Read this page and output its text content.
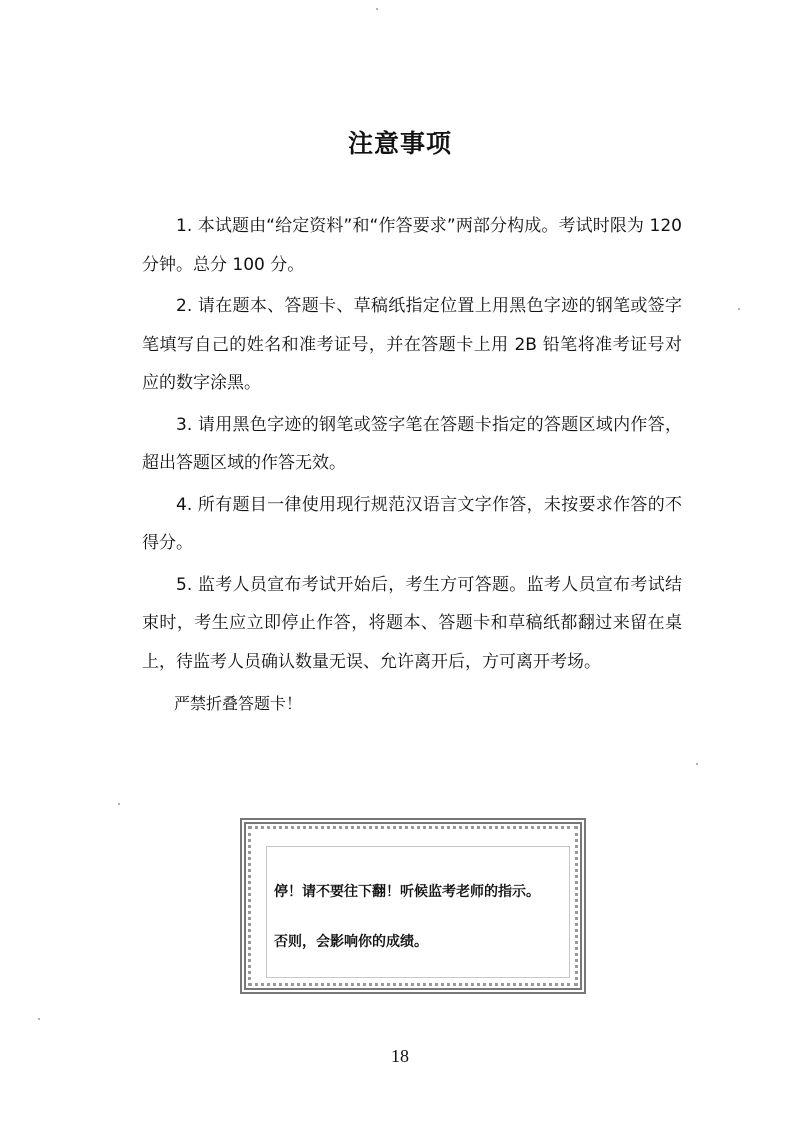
注意事项

1. 本试题由“给定资料”和“作答要求”两部分构成。考试时限为 120 分钟。总分 100 分。

2. 请在题本、答题卡、草稿纸指定位置上用黑色字迹的钢笔或签字笔填写自己的姓名和准考证号，并在答题卡上用 2B 铅笔将准考证号对应的数字涂黑。

3. 请用黑色字迹的钢笔或签字笔在答题卡指定的答题区域内作答，超出答题区域的作答无效。

4. 所有题目一律使用现行规范汉语言文字作答，未按要求作答的不得分。

5. 监考人员宣布考试开始后，考生方可答题。监考人员宣布考试结束时，考生应立即停止作答，将题本、答题卡和草稿纸都翻过来留在桌上，待监考人员确认数量无误、允许离开后，方可离开考场。

严禁折叠答题卡！
停！请不要往下翻！听候监考老师的指示。
否则，会影响你的成绩。
18
